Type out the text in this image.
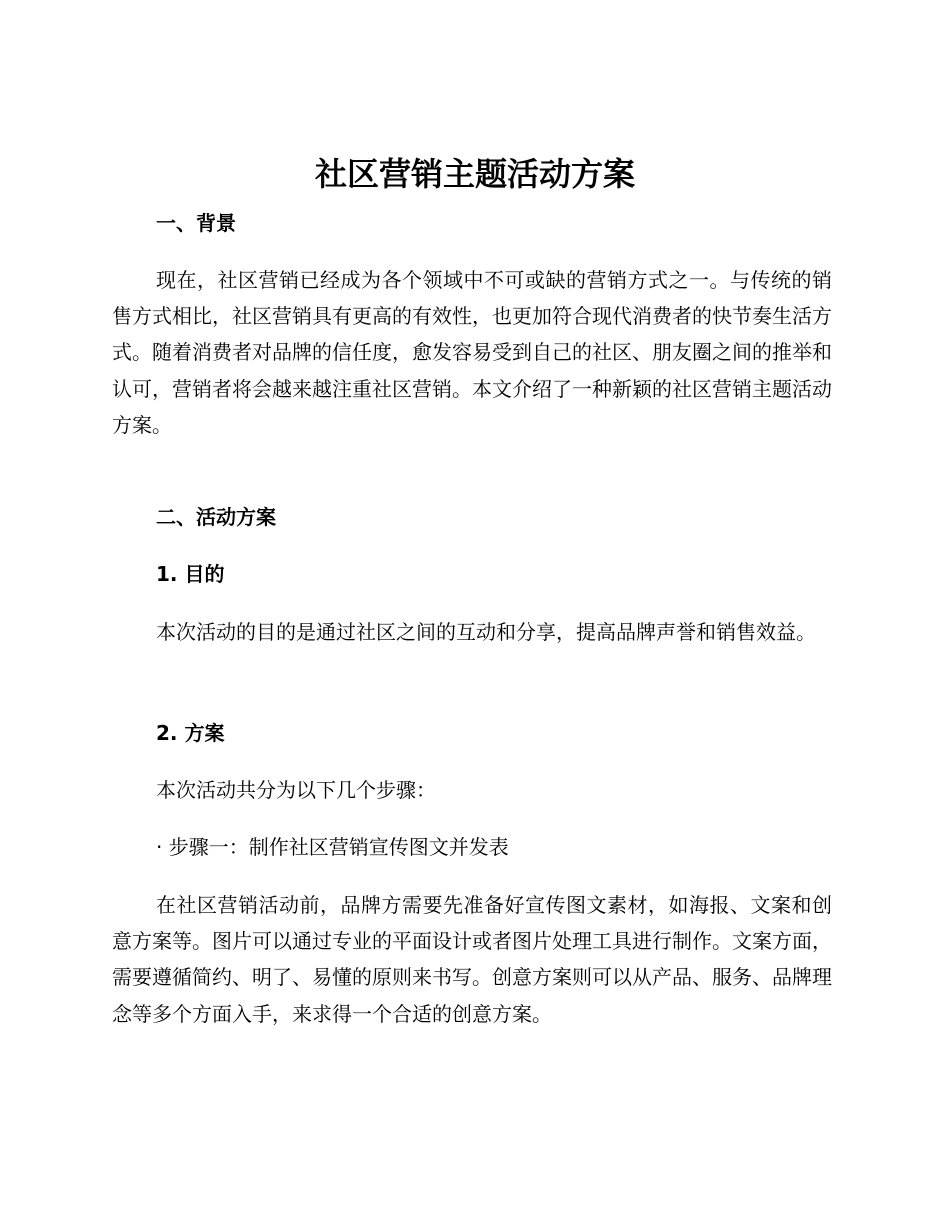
社区营销主题活动方案
一、背景

现在，社区营销已经成为各个领域中不可或缺的营销方式之一。与传统的销售方式相比，社区营销具有更高的有效性，也更加符合现代消费者的快节奏生活方式。随着消费者对品牌的信任度，愈发容易受到自己的社区、朋友圈之间的推举和认可，营销者将会越来越注重社区营销。本文介绍了一种新颖的社区营销主题活动方案。

二、活动方案
1. 目的

本次活动的目的是通过社区之间的互动和分享，提高品牌声誉和销售效益。

2. 方案

本次活动共分为以下几个步骤：

· 步骤一：制作社区营销宣传图文并发表

在社区营销活动前，品牌方需要先准备好宣传图文素材，如海报、文案和创意方案等。图片可以通过专业的平面设计或者图片处理工具进行制作。文案方面，需要遵循简约、明了、易懂的原则来书写。创意方案则可以从产品、服务、品牌理念等多个方面入手，来求得一个合适的创意方案。
